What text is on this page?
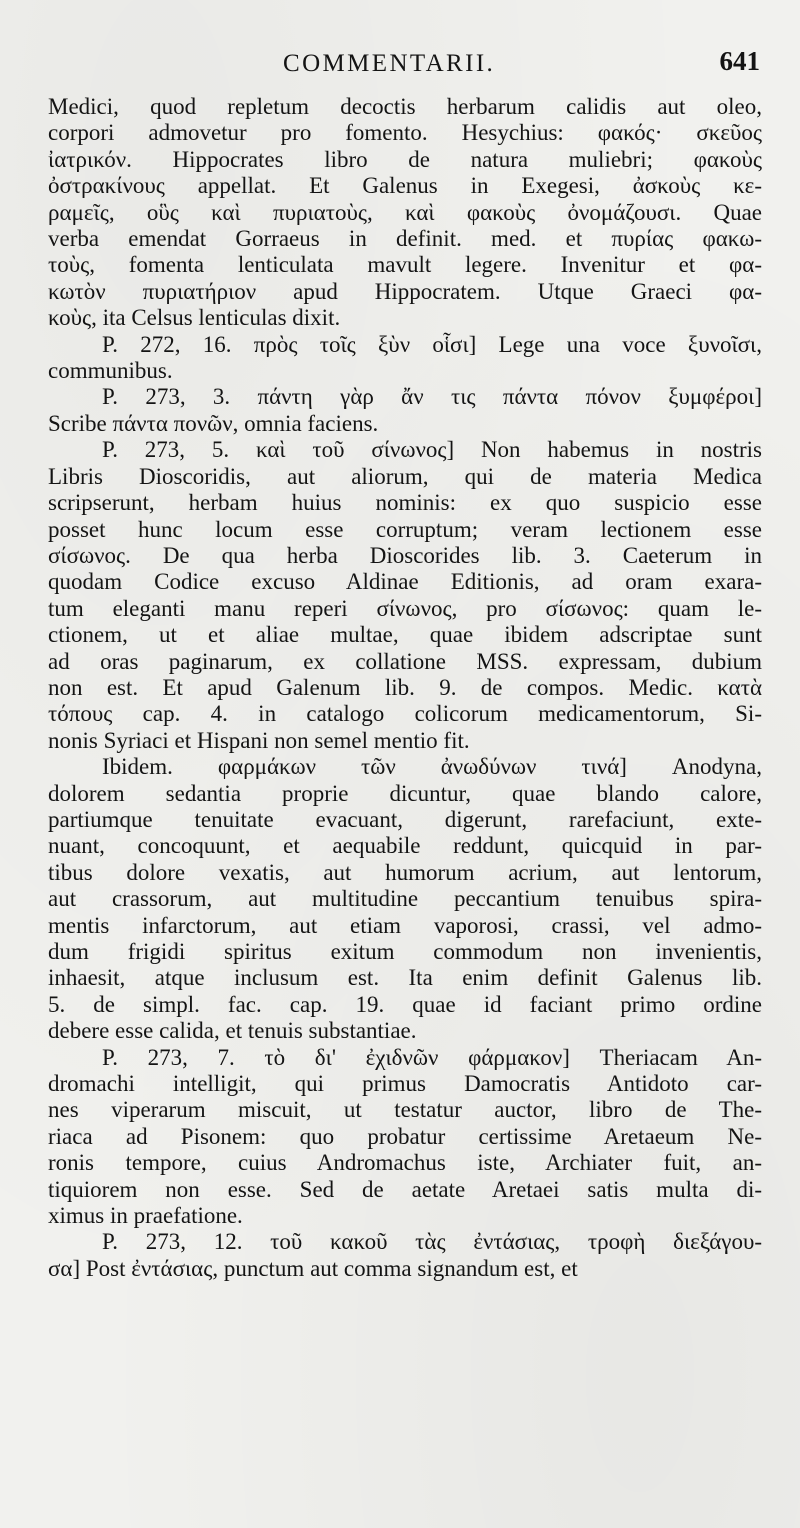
COMMENTARII.	641
Medici, quod repletum decoctis herbarum calidis aut oleo,
corpori admovetur pro fomento. Hesychius: φακός· σκεῦος
ἰατρικόν. Hippocrates libro de natura muliebri; φακοὺς
ὀστρακίνους appellat. Et Galenus in Exegesi, ἀσκοὺς κε-
ραμεῖς, οὓς καὶ πυριατοὺς, καὶ φακοὺς ὀνομάζουσι. Quae
verba emendat Gorraeus in definit. med. et πυρίας φακω-
τοὺς, fomenta lenticulata mavult legere. Invenitur et φα-
κωτὸν πυριατήριον apud Hippocratem. Utque Graeci φα-
κοὺς, ita Celsus lenticulas dixit.
P. 272, 16. πρὸς τοῖς ξὺν οἷσι] Lege una voce ξυνοῖσι,
communibus.
P. 273, 3. πάντη γὰρ ἄν τις πάντα πόνον ξυμφέροι]
Scribe πάντα πονῶν, omnia faciens.
P. 273, 5. καὶ τοῦ σίνωνος] Non habemus in nostris
Libris Dioscoridis, aut aliorum, qui de materia Medica
scripserunt, herbam huius nominis: ex quo suspicio esse
posset hunc locum esse corruptum; veram lectionem esse
σίσωνος. De qua herba Dioscorides lib. 3. Caeterum in
quodam Codice excuso Aldinae Editionis, ad oram exara-
tum eleganti manu reperi σίνωνος, pro σίσωνος: quam le-
ctionem, ut et aliae multae, quae ibidem adscriptae sunt
ad oras paginarum, ex collatione MSS. expressam, dubium
non est. Et apud Galenum lib. 9. de compos. Medic. κατὰ
τόπους cap. 4. in catalogo colicorum medicamentorum, Si-
nonis Syriaci et Hispani non semel mentio fit.
Ibidem. φαρμάκων τῶν ἀνωδύνων τινά] Anodyna,
dolorem sedantia proprie dicuntur, quae blando calore,
partiumque tenuitate evacuant, digerunt, rarefaciunt, exte-
nuant, concoquunt, et aequabile reddunt, quicquid in par-
tibus dolore vexatis, aut humorum acrium, aut lentorum,
aut crassorum, aut multitudine peccantium tenuibus spira-
mentis infarctorum, aut etiam vaporosi, crassi, vel admo-
dum frigidi spiritus exitum commodum non invenientis,
inhaesit, atque inclusum est. Ita enim definit Galenus lib.
5. de simpl. fac. cap. 19. quae id faciant primo ordine
debere esse calida, et tenuis substantiae.
P. 273, 7. τὸ δι' ἐχιδνῶν φάρμακον] Theriacam An-
dromachi intelligit, qui primus Damocratis Antidoto car-
nes viperarum miscuit, ut testatur auctor, libro de The-
riaca ad Pisonem: quo probatur certissime Aretaeum Ne-
ronis tempore, cuius Andromachus iste, Archiater fuit, an-
tiquiorem non esse. Sed de aetate Aretaei satis multa di-
ximus in praefatione.
P. 273, 12. τοῦ κακοῦ τὰς ἐντάσιας, τροφὴ διεξάγου-
σα] Post ἐντάσιας, punctum aut comma signandum est, et
